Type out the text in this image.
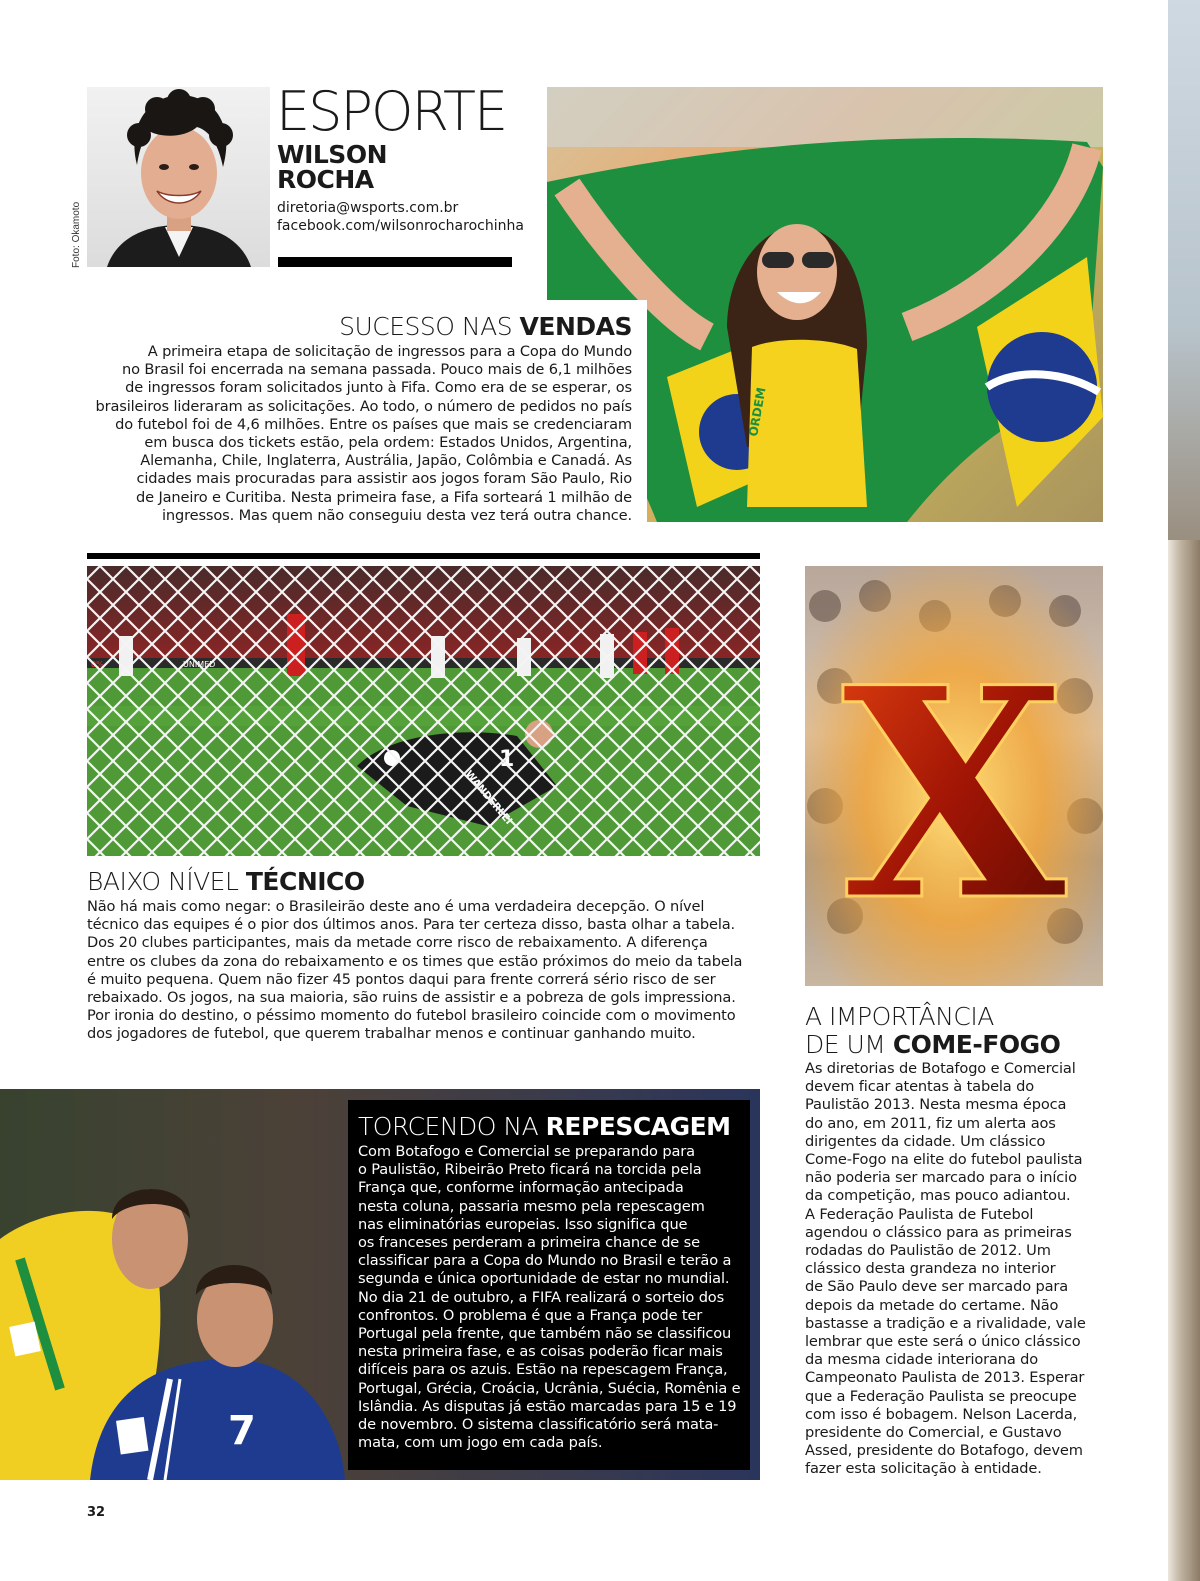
Foto: Okamoto
ESPORTE
WILSON
ROCHA
diretoria@wsports.com.br
facebook.com/wilsonrocharochinha
ORDEM
SUCESSO NAS VENDAS
A primeira etapa de solicitação de ingressos para a Copa do Mundo
no Brasil foi encerrada na semana passada. Pouco mais de 6,1 milhões
de ingressos foram solicitados junto à Fifa. Como era de se esperar, os
brasileiros lideraram as solicitações. Ao todo, o número de pedidos no país
do futebol foi de 4,6 milhões. Entre os países que mais se credenciaram
em busca dos tickets estão, pela ordem: Estados Unidos, Argentina,
Alemanha, Chile, Inglaterra, Austrália, Japão, Colômbia e Canadá. As
cidades mais procuradas para assistir aos jogos foram São Paulo, Rio
de Janeiro e Curitiba. Nesta primeira fase, a Fifa sorteará 1 milhão de
ingressos. Mas quem não conseguiu desta vez terá outra chance.
BAIXO NÍVEL TÉCNICO
Não há mais como negar: o Brasileirão deste ano é uma verdadeira decepção. O nível
técnico das equipes é o pior dos últimos anos. Para ter certeza disso, basta olhar a tabela.
Dos 20 clubes participantes, mais da metade corre risco de rebaixamento. A diferença
entre os clubes da zona do rebaixamento e os times que estão próximos do meio da tabela
é muito pequena. Quem não fizer 45 pontos daqui para frente correrá sério risco de ser
rebaixado. Os jogos, na sua maioria, são ruins de assistir e a pobreza de gols impressiona.
Por ironia do destino, o péssimo momento do futebol brasileiro coincide com o movimento
dos jogadores de futebol, que querem trabalhar menos e continuar ganhando muito.
X
A IMPORTÂNCIA
DE UM COME-FOGO
As diretorias de Botafogo e Comercial
devem ficar atentas à tabela do
Paulistão 2013. Nesta mesma época
do ano, em 2011, fiz um alerta aos
dirigentes da cidade. Um clássico
Come-Fogo na elite do futebol paulista
não poderia ser marcado para o início
da competição, mas pouco adiantou.
A Federação Paulista de Futebol
agendou o clássico para as primeiras
rodadas do Paulistão de 2012. Um
clássico desta grandeza no interior
de São Paulo deve ser marcado para
depois da metade do certame. Não
bastasse a tradição e a rivalidade, vale
lembrar que este será o único clássico
da mesma cidade interiorana do
Campeonato Paulista de 2013. Esperar
que a Federação Paulista se preocupe
com isso é bobagem. Nelson Lacerda,
presidente do Comercial, e Gustavo
Assed, presidente do Botafogo, devem
fazer esta solicitação à entidade.
7
TORCENDO NA REPESCAGEM
Com Botafogo e Comercial se preparando para
o Paulistão, Ribeirão Preto ficará na torcida pela
França que, conforme informação antecipada
nesta coluna, passaria mesmo pela repescagem
nas eliminatórias europeias. Isso significa que
os franceses perderam a primeira chance de se
classificar para a Copa do Mundo no Brasil e terão a
segunda e única oportunidade de estar no mundial.
No dia 21 de outubro, a FIFA realizará o sorteio dos
confrontos. O problema é que a França pode ter
Portugal pela frente, que também não se classificou
nesta primeira fase, e as coisas poderão ficar mais
difíceis para os azuis. Estão na repescagem França,
Portugal, Grécia, Croácia, Ucrânia, Suécia, Romênia e
Islândia. As disputas já estão marcadas para 15 e 19
de novembro. O sistema classificatório será mata-
mata, com um jogo em cada país.
32
